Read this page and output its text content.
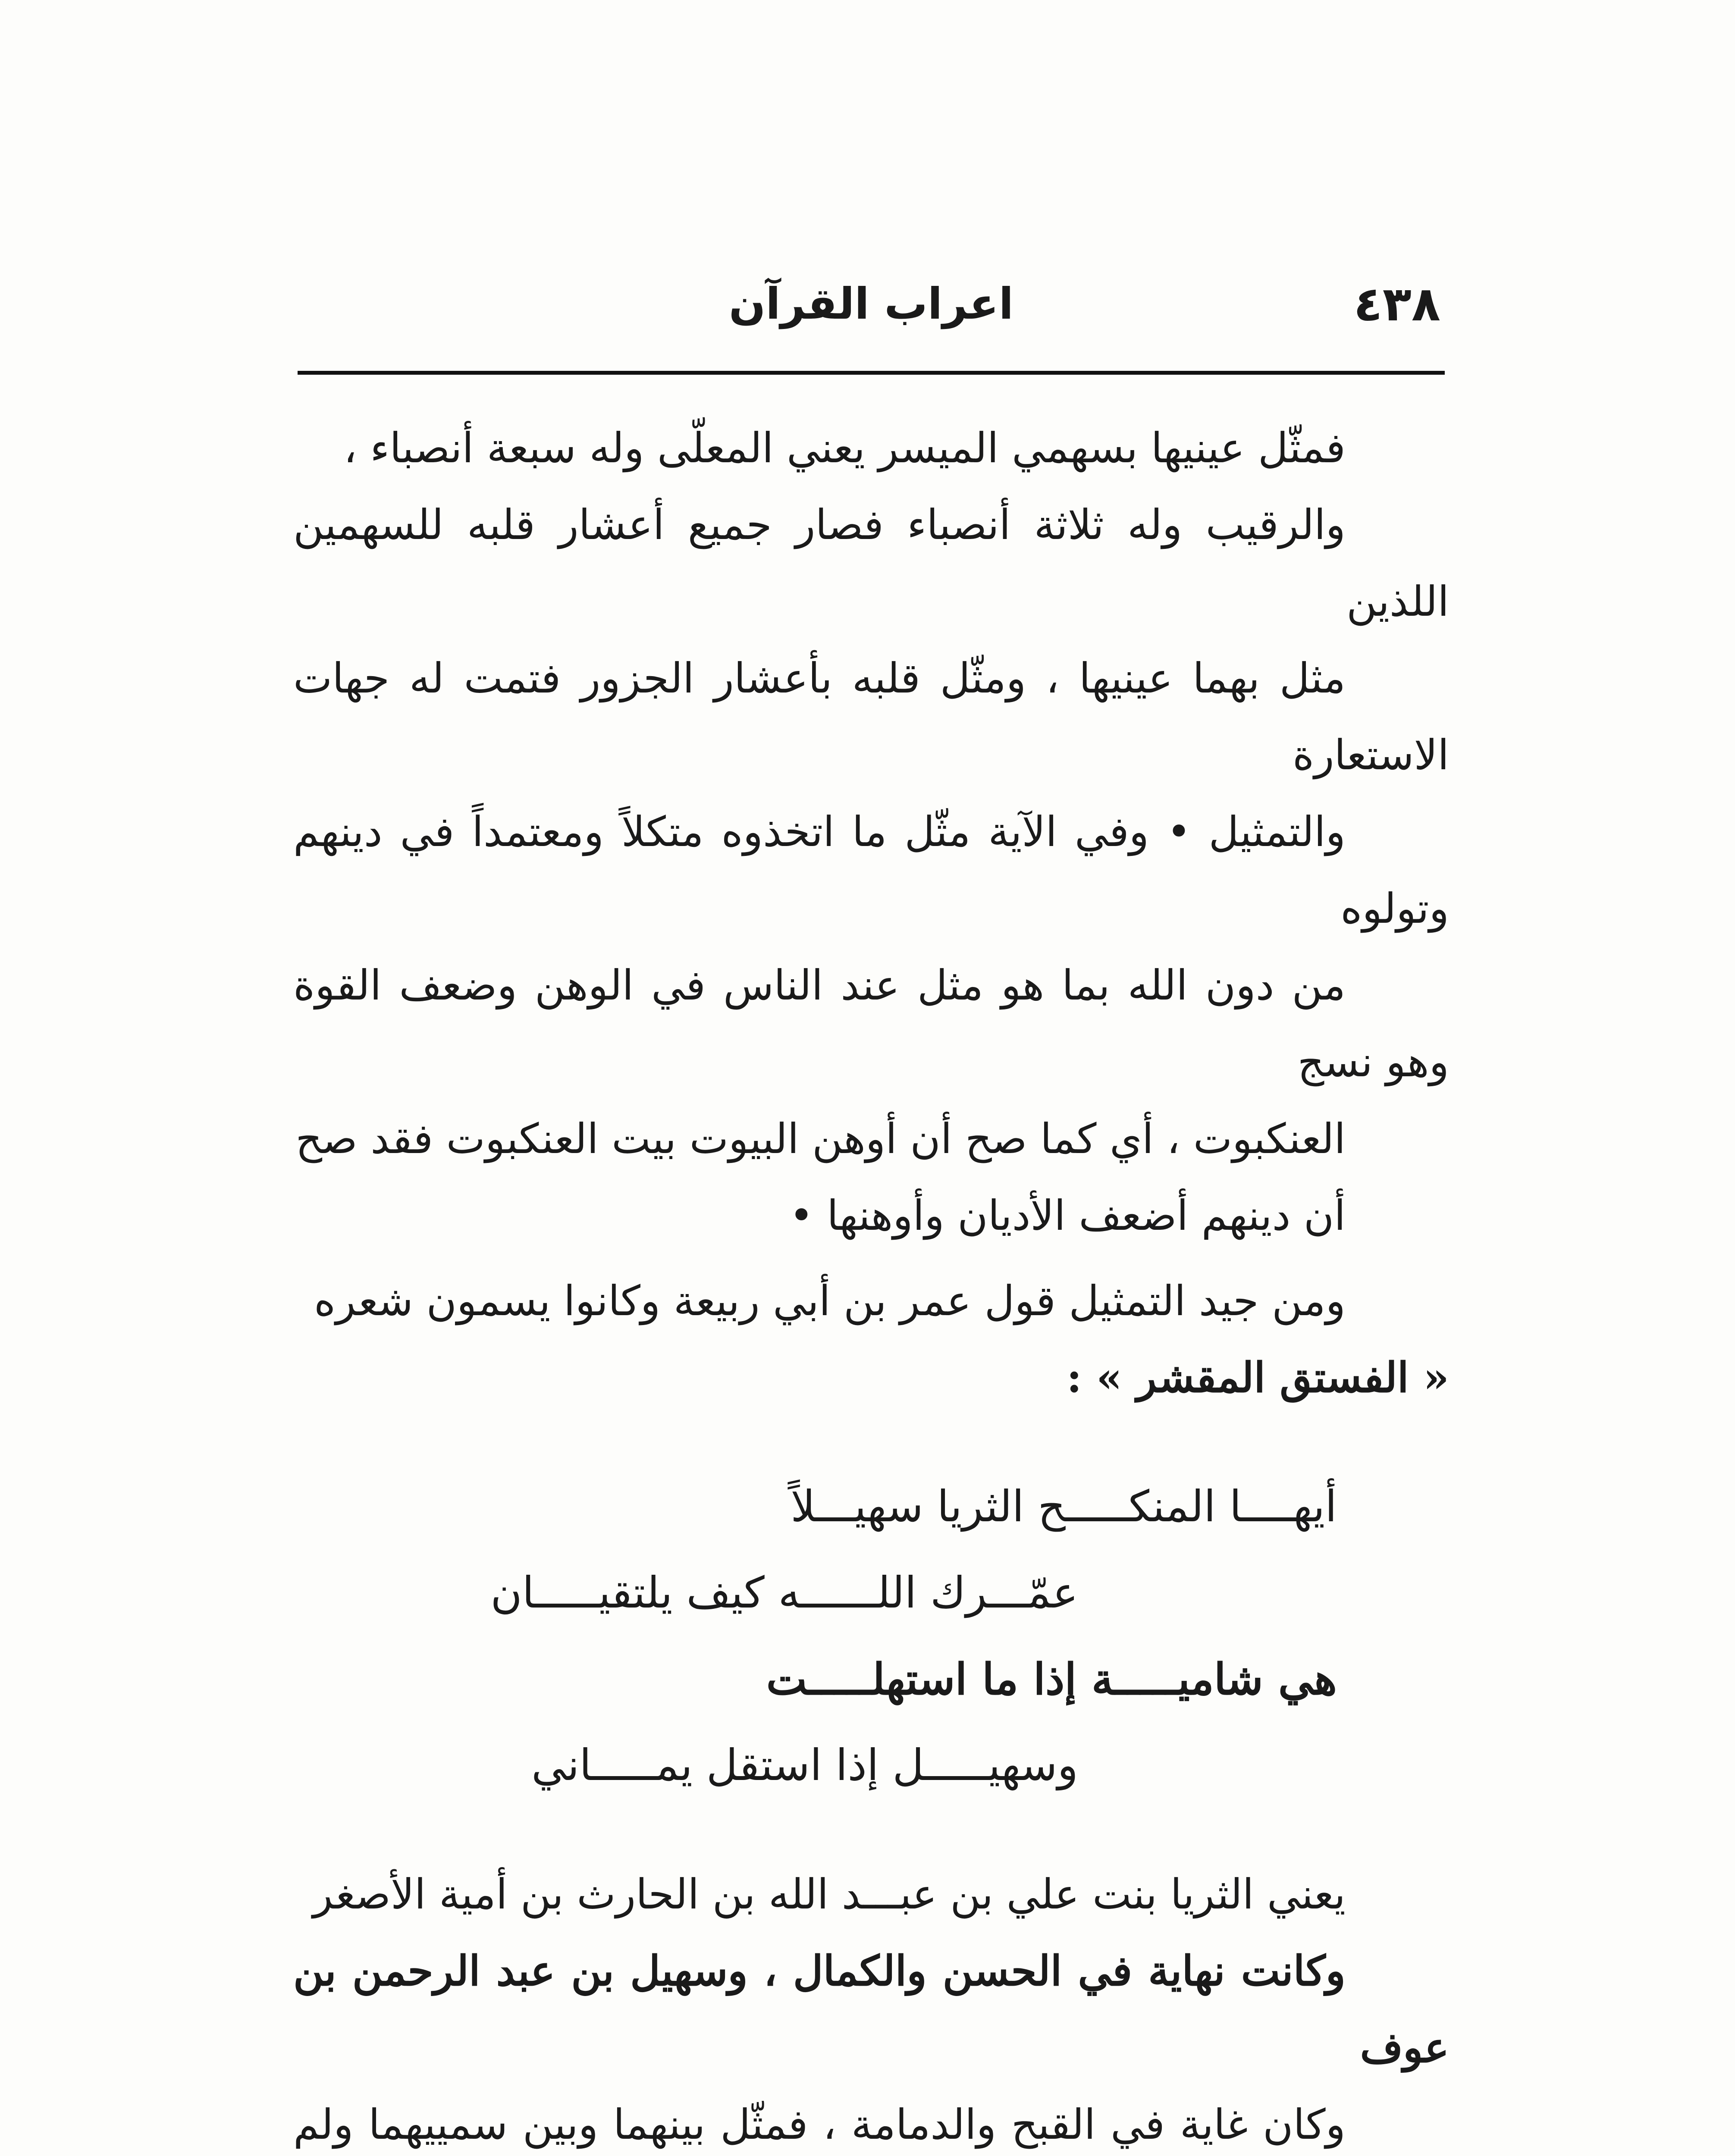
٤٣٨
اعراب القرآن
فمثّل عينيها بسهمي الميسر يعني المعلّى وله سبعة أنصباء ،
والرقيب وله ثلاثة أنصباء فصار جميع أعشار قلبه للسهمين اللذين
مثل بهما عينيها ، ومثّل قلبه بأعشار الجزور فتمت له جهات الاستعارة
والتمثيل • وفي الآية مثّل ما اتخذوه متكلاً ومعتمداً في دينهم وتولوه
من دون الله بما هو مثل عند الناس في الوهن وضعف القوة وهو نسج
العنكبوت ، أي كما صح أن أوهن البيوت بيت العنكبوت فقد صح
أن دينهم أضعف الأديان وأوهنها •
ومن جيد التمثيل قول عمر بن أبي ربيعة وكانوا يسمون شعره
« الفستق المقشر » :
أيهــــا المنكـــــح الثريا سهيـــلاً
عمّـــرك اللــــــه كيف يلتقيـــــان
هي شاميـــــة إذا ما استهلـــــت
وسهيـــــل إذا استقل يمـــــاني
يعني الثريا بنت علي بن عبـــد الله بن الحارث بن أمية الأصغر
وكانت نهاية في الحسن والكمال ، وسهيل بن عبد الرحمن بن عوف
وكان غاية في القبح والدمامة ، فمثّل بينهما وبين سمييهما ولم
